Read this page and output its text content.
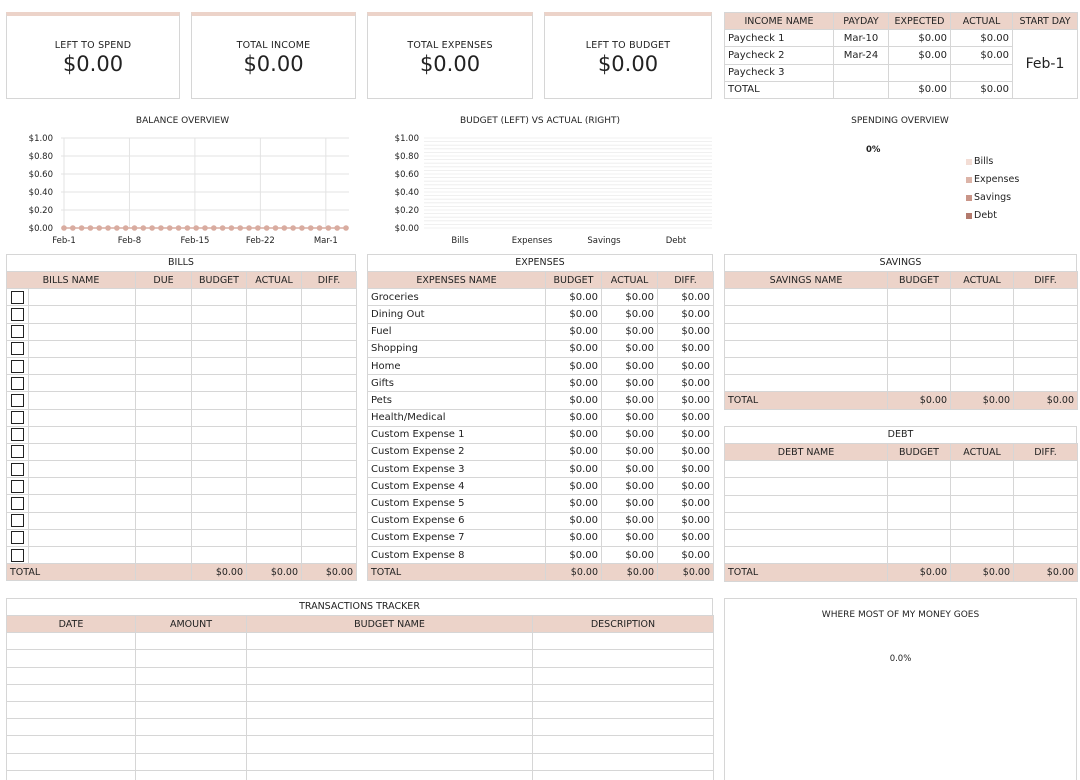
LEFT TO SPEND
$0.00
TOTAL INCOME
$0.00
TOTAL EXPENSES
$0.00
LEFT TO BUDGET
$0.00
INCOME NAME	PAYDAY	EXPECTED	ACTUAL	START DAY
Paycheck 1	Mar-10	$0.00	$0.00	Feb-1
Paycheck 2	Mar-24	$0.00	$0.00	
Paycheck 3				
TOTAL		$0.00	$0.00	
BALANCE OVERVIEW	BUDGET (LEFT) VS ACTUAL (RIGHT)	SPENDING OVERVIEW
$1.00
$0.80
$0.60
$0.40
$0.20
$0.00
Feb-1	Feb-8	Feb-15	Feb-22	Mar-1
$1.00
$0.80
$0.60
$0.40
$0.20
$0.00
Bills	Expenses	Savings	Debt
0%
Bills
Expenses
Savings
Debt
BILLS
BILLS NAME		DUE	BUDGET	ACTUAL	DIFF.

TOTAL			$0.00	$0.00	$0.00
EXPENSES
EXPENSES NAME	BUDGET	ACTUAL	DIFF.
Groceries	$0.00	$0.00	$0.00
Dining Out	$0.00	$0.00	$0.00
Fuel	$0.00	$0.00	$0.00
Shopping	$0.00	$0.00	$0.00
Home	$0.00	$0.00	$0.00
Gifts	$0.00	$0.00	$0.00
Pets	$0.00	$0.00	$0.00
Health/Medical	$0.00	$0.00	$0.00
Custom Expense 1	$0.00	$0.00	$0.00
Custom Expense 2	$0.00	$0.00	$0.00
Custom Expense 3	$0.00	$0.00	$0.00
Custom Expense 4	$0.00	$0.00	$0.00
Custom Expense 5	$0.00	$0.00	$0.00
Custom Expense 6	$0.00	$0.00	$0.00
Custom Expense 7	$0.00	$0.00	$0.00
Custom Expense 8	$0.00	$0.00	$0.00
TOTAL	$0.00	$0.00	$0.00
SAVINGS
SAVINGS NAME	BUDGET	ACTUAL	DIFF.

TOTAL	$0.00	$0.00	$0.00
DEBT
DEBT NAME	BUDGET	ACTUAL	DIFF.

TOTAL	$0.00	$0.00	$0.00
TRANSACTIONS TRACKER
DATE	AMOUNT	BUDGET NAME	DESCRIPTION

WHERE MOST OF MY MONEY GOES
0.0%
